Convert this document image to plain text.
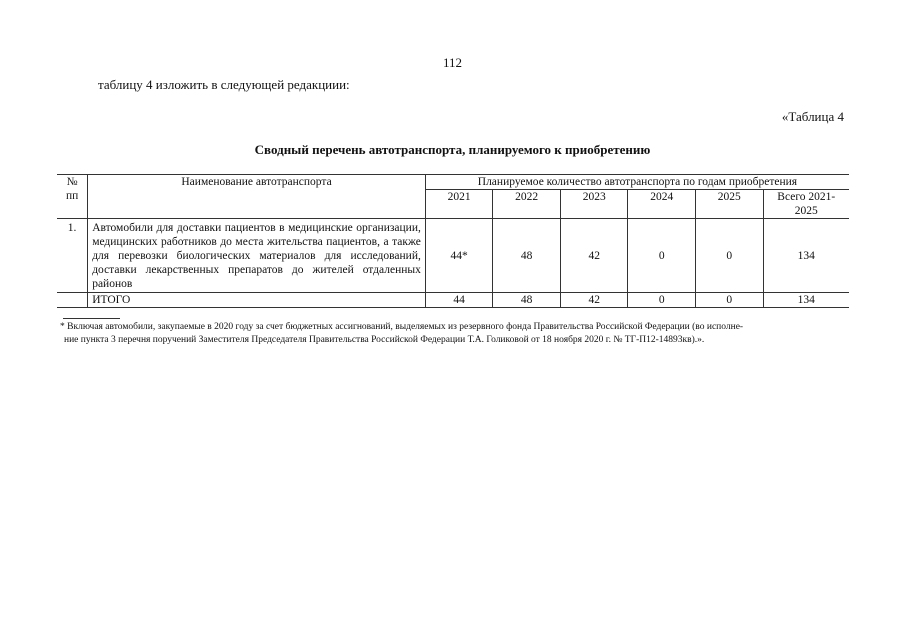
112
таблицу 4 изложить в следующей редакциии:
«Таблица 4
Сводный перечень автотранспорта, планируемого к приобретению
№ пп	Наименование автотранспорта	Планируемое количество автотранспорта по годам приобретения					
		2021	2022	2023	2024	2025	Всего 2021-2025
1.	Автомобили для доставки пациентов в медицинские организации, медицинских работников до места жительства пациентов, а также для перевозки биологических материалов для исследований, доставки лекарственных препаратов до жителей отдаленных районов	44*	48	42	0	0	134
	ИТОГО	44	48	42	0	0	134
* Включая автомобили, закупаемые в 2020 году за счет бюджетных ассигнований, выделяемых из резервного фонда Правительства Российской Федерации (во исполне-
ние пункта 3 перечня поручений Заместителя Председателя Правительства Российской Федерации Т.А. Голиковой от 18 ноября 2020 г. № ТГ-П12-14893кв).».
